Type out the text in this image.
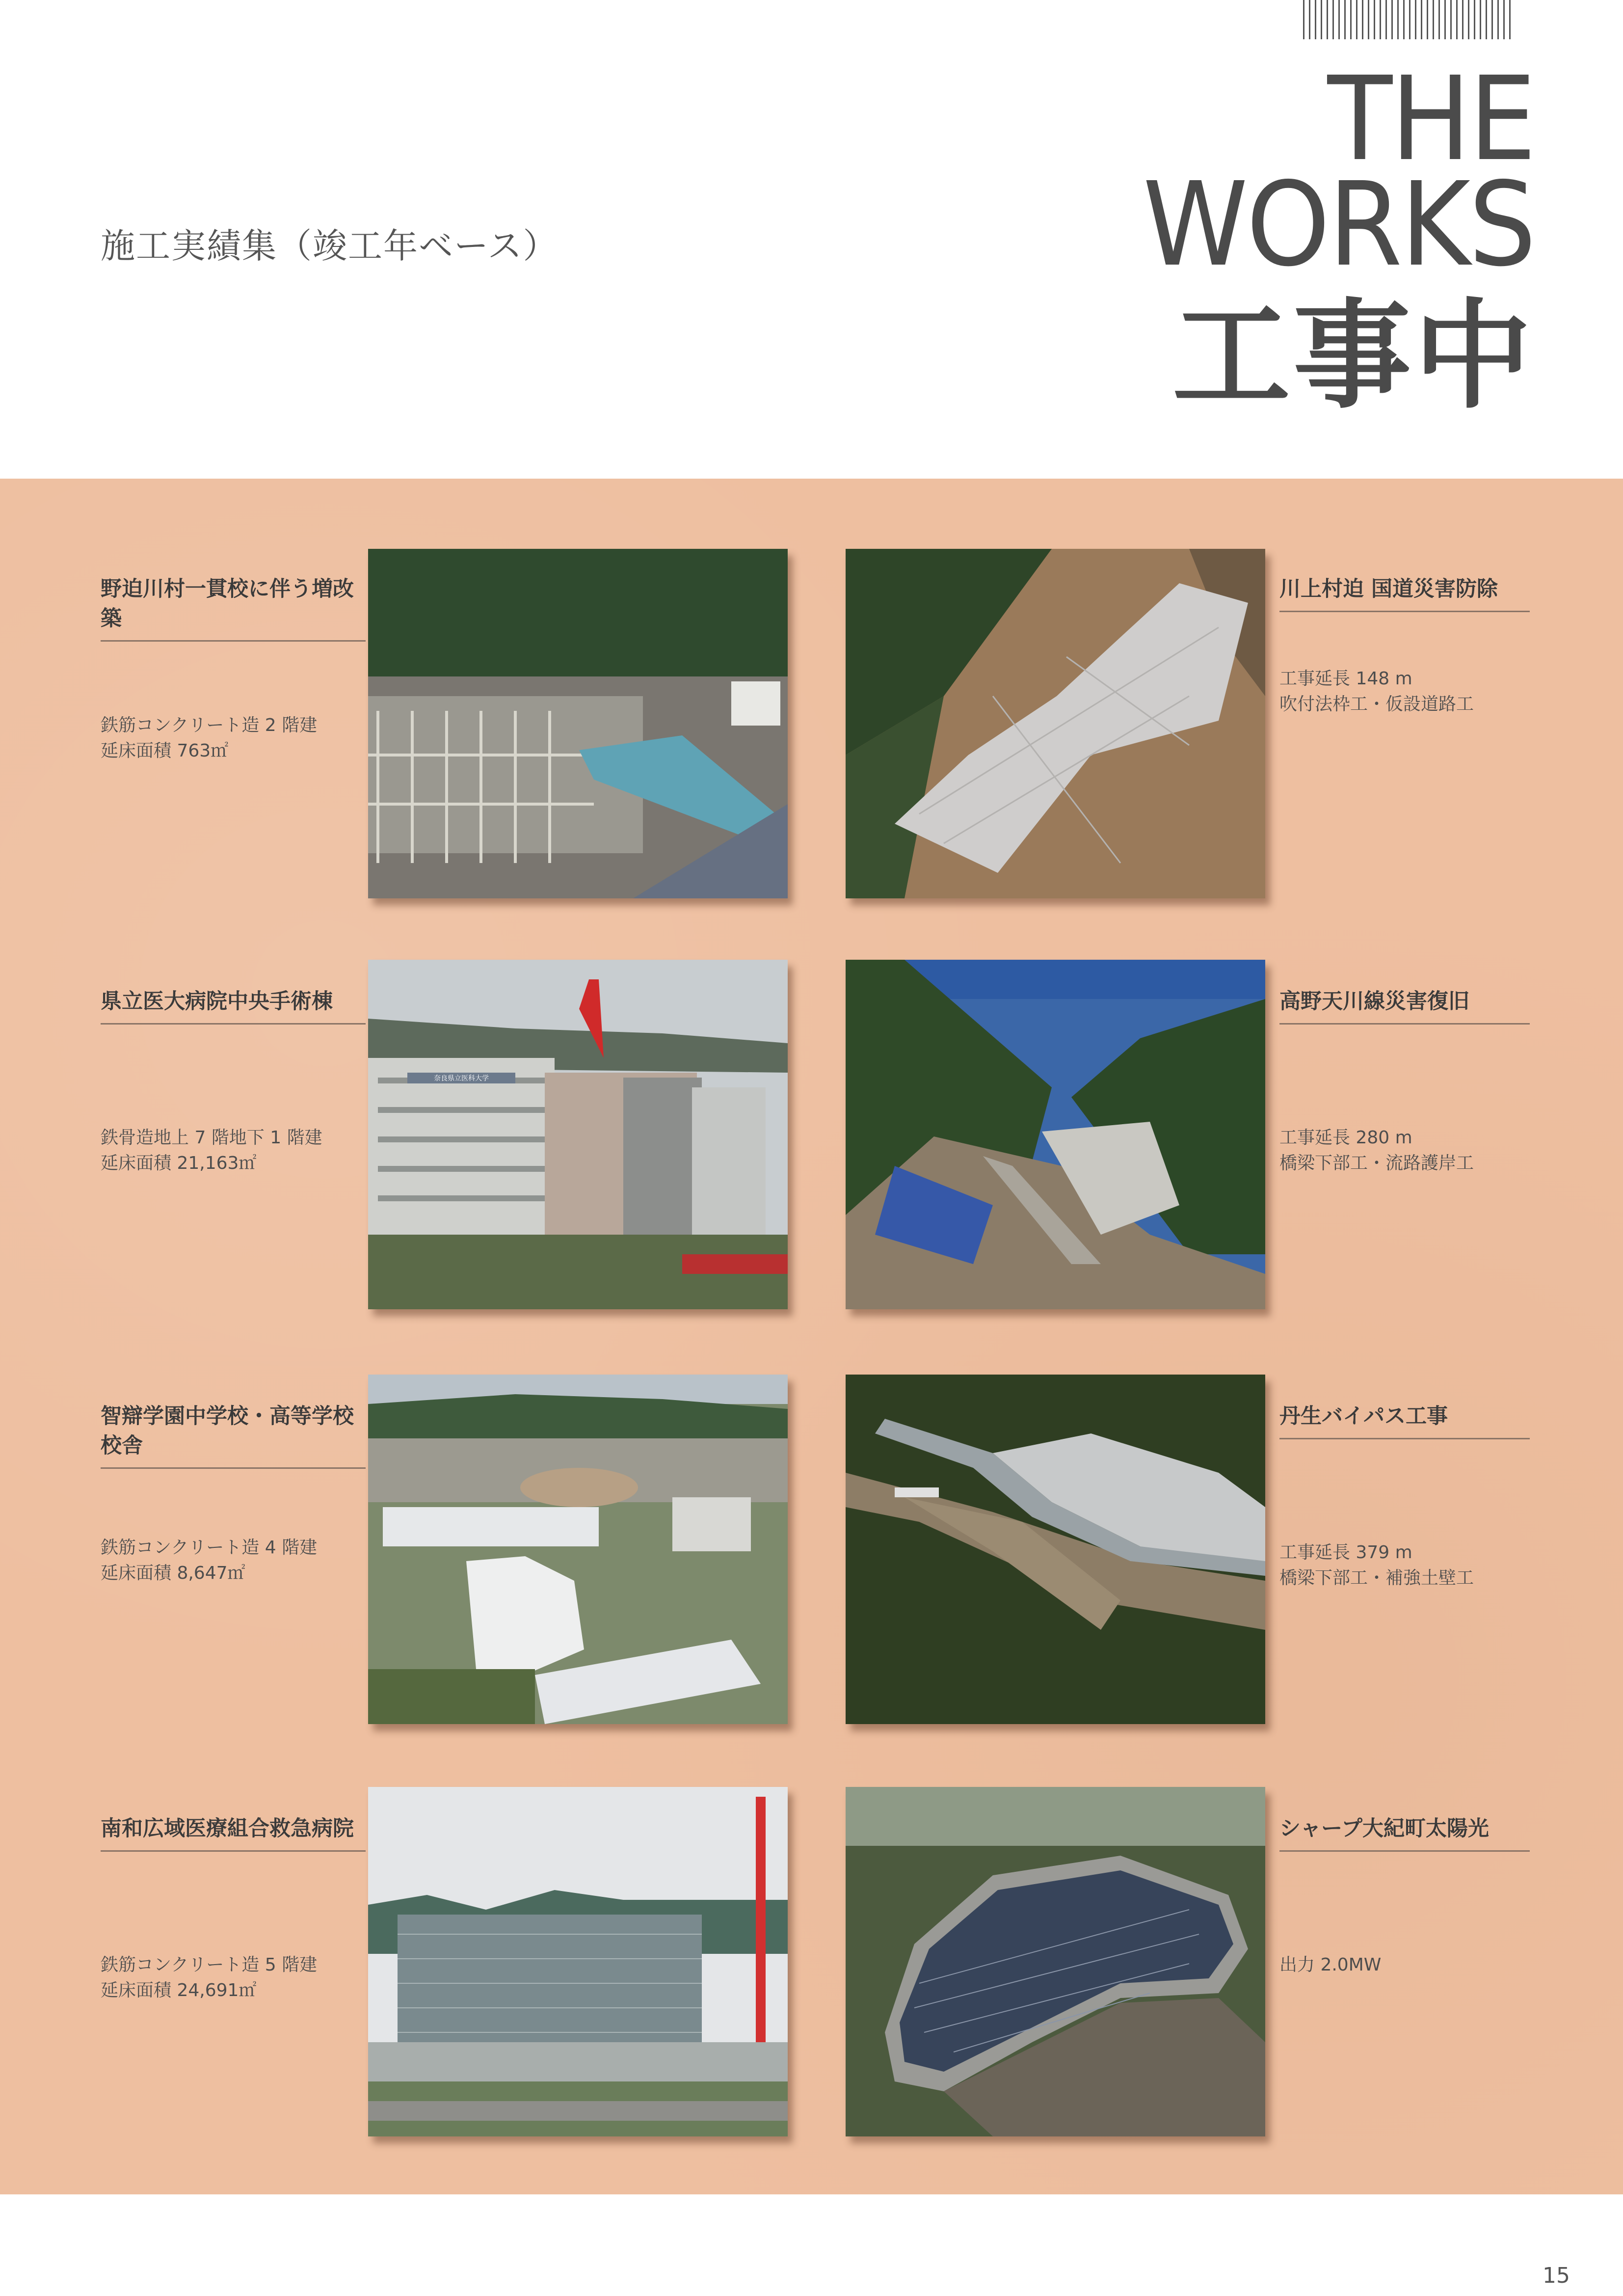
施工実績集（竣工年ベース）
THE
WORKS
工事中
野迫川村一貫校に伴う増改築
鉄筋コンクリート造 2 階建
延床面積 763㎡
川上村迫 国道災害防除
工事延長 148 m
吹付法枠工・仮設道路工
県立医大病院中央手術棟
鉄骨造地上 7 階地下 1 階建
延床面積 21,163㎡
奈良県立医科大学
高野天川線災害復旧
工事延長 280 m
橋梁下部工・流路護岸工
智辯学園中学校・高等学校校舎
鉄筋コンクリート造 4 階建
延床面積 8,647㎡
丹生バイパス工事
工事延長 379 m
橋梁下部工・補強土壁工
南和広域医療組合救急病院
鉄筋コンクリート造 5 階建
延床面積 24,691㎡
シャープ大紀町太陽光
出力 2.0MW
15
